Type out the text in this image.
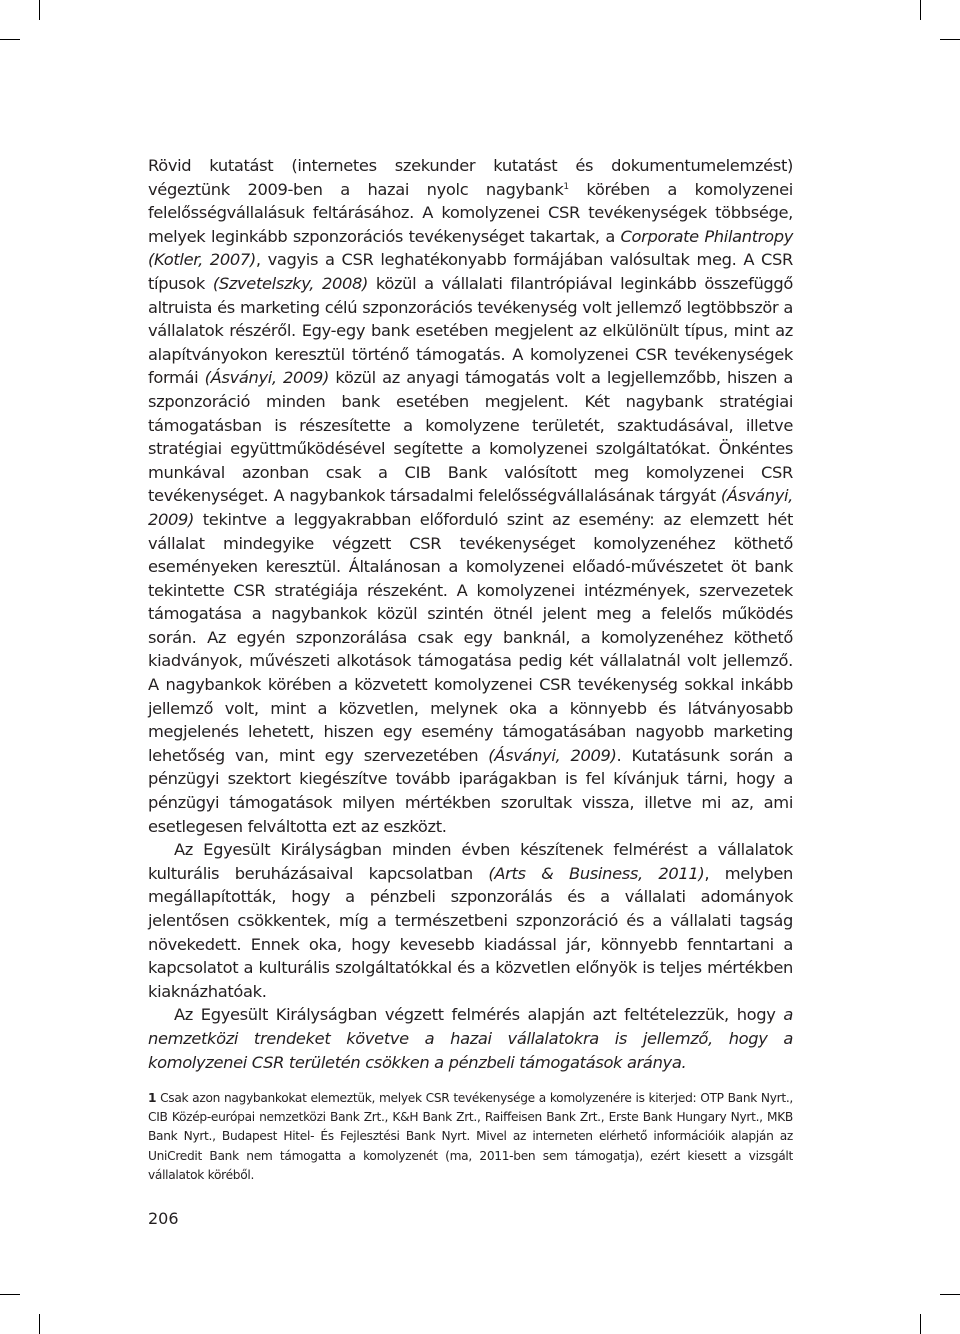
Rövid kutatást (internetes szekunder kutatást és dokumentumelemzést) végeztünk 2009-ben a hazai nyolc nagybank$^1$ körében a komolyzenei felelősségvállalásuk feltárásához. A komolyzenei CSR tevékenységek többsége, melyek leginkább szponzorációs tevékenységet takartak, a Corporate Philantropy (Kotler, 2007), vagyis a CSR leghatékonyabb formájában valósultak meg. A CSR típusok (Szvetelszky, 2008) közül a vállalati filantrópiával leginkább összefüggő altruista és marketing célú szponzorációs tevékenység volt jellemző legtöbbször a vállalatok részéről. Egy-egy bank esetében megjelent az elkülönült típus, mint az alapítványokon keresztül történő támogatás. A komolyzenei CSR tevékenységek formái (Ásványi, 2009) közül az anyagi támogatás volt a legjellemzőbb, hiszen a szponzoráció minden bank esetében megjelent. Két nagybank stratégiai támogatásban is részesítette a komolyzene területét, szaktudásával, illetve stratégiai együttműködésével segítette a komolyzenei szolgáltatókat. Önkéntes munkával azonban csak a CIB Bank valósított meg komolyzenei CSR tevékenységet. A nagybankok társadalmi felelősségvállalásának tárgyát (Ásványi, 2009) tekintve a leggyakrabban előforduló szint az esemény: az elemzett hét vállalat mindegyike végzett CSR tevékenységet komolyzenéhez köthető eseményeken keresztül. Általánosan a komolyzenei előadó-művészetet öt bank tekintette CSR stratégiája részeként. A komolyzenei intézmények, szervezetek támogatása a nagybankok közül szintén ötnél jelent meg a felelős működés során. Az egyén szponzorálása csak egy banknál, a komolyzenéhez köthető kiadványok, művészeti alkotások támogatása pedig két vállalatnál volt jellemző. A nagybankok körében a közvetett komolyzenei CSR tevékenység sokkal inkább jellemző volt, mint a közvetlen, melynek oka a könnyebb és látványosabb megjelenés lehetett, hiszen egy esemény támogatásában nagyobb marketing lehetőség van, mint egy szervezetében (Ásványi, 2009). Kutatásunk során a pénzügyi szektort kiegészítve tovább iparágakban is fel kívánjuk tárni, hogy a pénzügyi támogatások milyen mértékben szorultak vissza, illetve mi az, ami esetlegesen felváltotta ezt az eszközt.

Az Egyesült Királyságban minden évben készítenek felmérést a vállalatok kulturális beruházásaival kapcsolatban (Arts & Business, 2011), melyben megállapították, hogy a pénzbeli szponzorálás és a vállalati adományok jelentősen csökkentek, míg a természetbeni szponzoráció és a vállalati tagság növekedett. Ennek oka, hogy kevesebb kiadással jár, könnyebb fenntartani a kapcsolatot a kulturális szolgáltatókkal és a közvetlen előnyök is teljes mértékben kiaknázhatóak.

Az Egyesült Királyságban végzett felmérés alapján azt feltételezzük, hogy a nemzetközi trendeket követve a hazai vállalatokra is jellemző, hogy a komolyzenei CSR területén csökken a pénzbeli támogatások aránya.

1 Csak azon nagybankokat elemeztük, melyek CSR tevékenysége a komolyzenére is kiterjed: OTP Bank Nyrt., CIB Közép-európai nemzetközi Bank Zrt., K&H Bank Zrt., Raiffeisen Bank Zrt., Erste Bank Hungary Nyrt., MKB Bank Nyrt., Budapest Hitel- És Fejlesztési Bank Nyrt. Mivel az interneten elérhető információik alapján az UniCredit Bank nem támogatta a komolyzenét (ma, 2011-ben sem támogatja), ezért kiesett a vizsgált vállalatok köréből.
206
